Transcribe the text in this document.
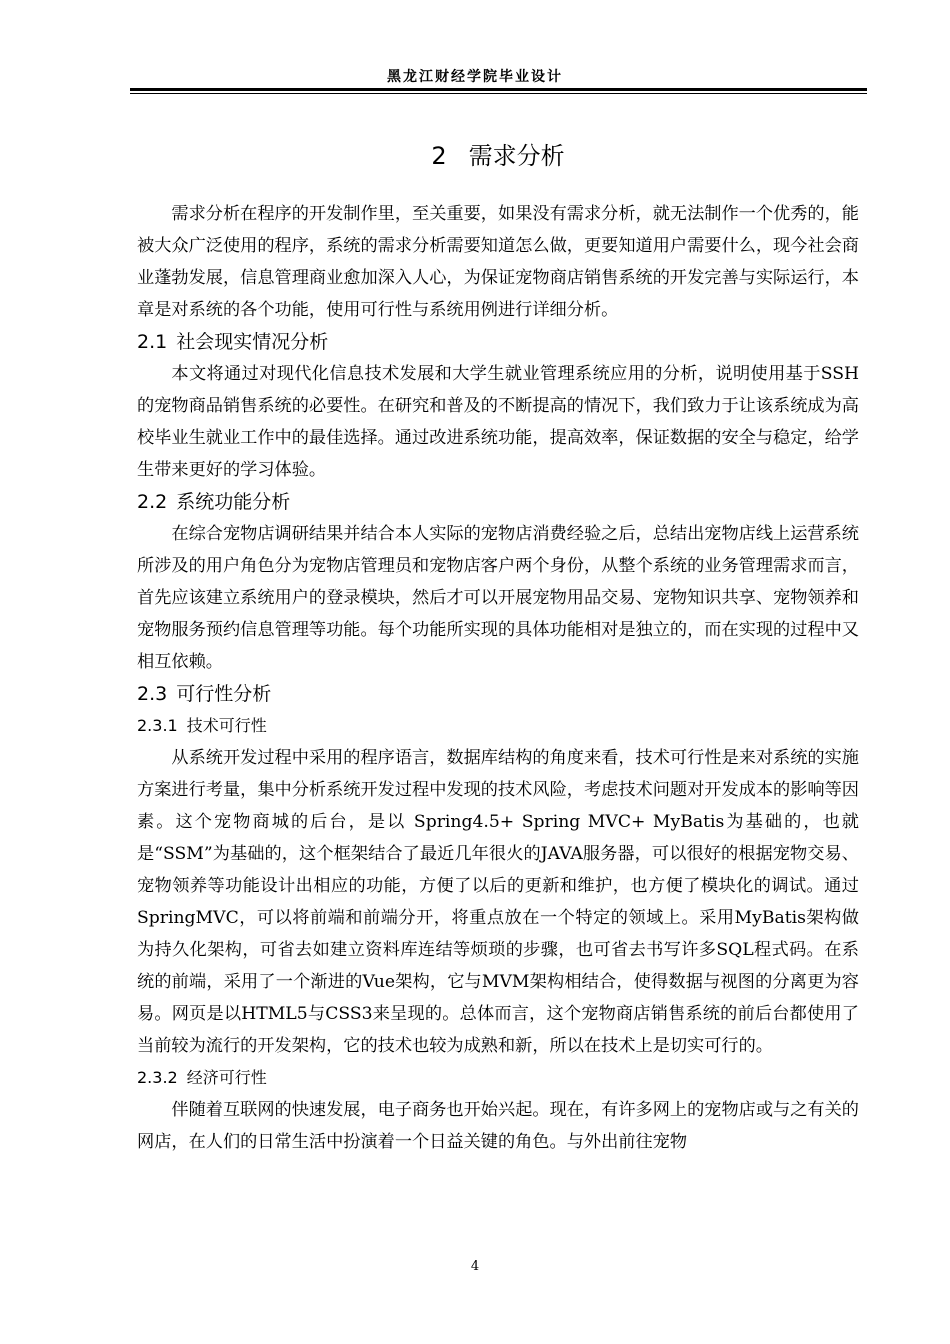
黑龙江财经学院毕业设计
2 需求分析

需求分析在程序的开发制作里，至关重要，如果没有需求分析，就无法制作一个优秀的，能被大众广泛使用的程序，系统的需求分析需要知道怎么做，更要知道用户需要什么，现今社会商业蓬勃发展，信息管理商业愈加深入人心，为保证宠物商店销售系统的开发完善与实际运行，本章是对系统的各个功能，使用可行性与系统用例进行详细分析。

2.1 社会现实情况分析

本文将通过对现代化信息技术发展和大学生就业管理系统应用的分析，说明使用基于SSH的宠物商品销售系统的必要性。在研究和普及的不断提高的情况下，我们致力于让该系统成为高校毕业生就业工作中的最佳选择。通过改进系统功能，提高效率，保证数据的安全与稳定，给学生带来更好的学习体验。

2.2 系统功能分析

在综合宠物店调研结果并结合本人实际的宠物店消费经验之后，总结出宠物店线上运营系统所涉及的用户角色分为宠物店管理员和宠物店客户两个身份，从整个系统的业务管理需求而言，首先应该建立系统用户的登录模块，然后才可以开展宠物用品交易、宠物知识共享、宠物领养和宠物服务预约信息管理等功能。每个功能所实现的具体功能相对是独立的，而在实现的过程中又相互依赖。

2.3 可行性分析
2.3.1 技术可行性

从系统开发过程中采用的程序语言，数据库结构的角度来看，技术可行性是来对系统的实施方案进行考量，集中分析系统开发过程中发现的技术风险，考虑技术问题对开发成本的影响等因素。这个宠物商城的后台，是以 Spring4.5+ Spring MVC+ MyBatis为基础的，也就是“SSM”为基础的，这个框架结合了最近几年很火的JAVA服务器，可以很好的根据宠物交易、宠物领养等功能设计出相应的功能，方便了以后的更新和维护，也方便了模块化的调试。通过 SpringMVC，可以将前端和前端分开，将重点放在一个特定的领域上。采用MyBatis架构做为持久化架构，可省去如建立资料库连结等烦琐的步骤，也可省去书写许多SQL程式码。在系统的前端，采用了一个渐进的Vue架构，它与MVM架构相结合，使得数据与视图的分离更为容易。网页是以HTML5与CSS3来呈现的。总体而言，这个宠物商店销售系统的前后台都使用了当前较为流行的开发架构，它的技术也较为成熟和新，所以在技术上是切实可行的。

2.3.2 经济可行性

伴随着互联网的快速发展，电子商务也开始兴起。现在，有许多网上的宠物店或与之有关的网店，在人们的日常生活中扮演着一个日益关键的角色。与外出前往宠物

4
